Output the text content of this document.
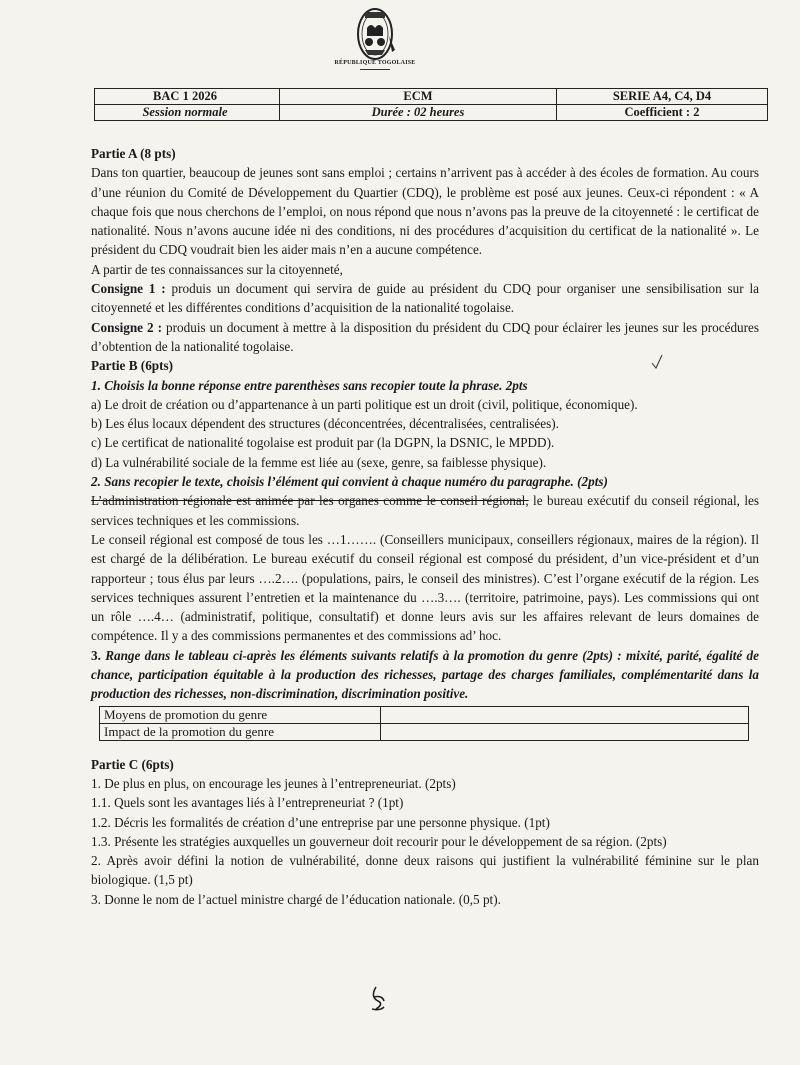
RÉPUBLIQUE TOGOLAISE
BAC 1 2026	ECM	SERIE A4, C4, D4
Session normale	Durée : 02 heures	Coefficient : 2

Partie A (8 pts)

Dans ton quartier, beaucoup de jeunes sont sans emploi ; certains n’arrivent pas à accéder à des écoles de formation. Au cours d’une réunion du Comité de Développement du Quartier (CDQ), le problème est posé aux jeunes. Ceux-ci répondent : « A chaque fois que nous cherchons de l’emploi, on nous répond que nous n’avons pas la preuve de la citoyenneté : le certificat de nationalité. Nous n’avons aucune idée ni des conditions, ni des procédures d’acquisition du certificat de la nationalité ». Le président du CDQ voudrait bien les aider mais n’en a aucune compétence.

A partir de tes connaissances sur la citoyenneté,

Consigne 1 : produis un document qui servira de guide au président du CDQ pour organiser une sensibilisation sur la citoyenneté et les différentes conditions d’acquisition de la nationalité togolaise.

Consigne 2 : produis un document à mettre à la disposition du président du CDQ pour éclairer les jeunes sur les procédures d’obtention de la nationalité togolaise.

Partie B (6pts)

1. Choisis la bonne réponse entre parenthèses sans recopier toute la phrase. 2pts

a) Le droit de création ou d’appartenance à un parti politique est un droit (civil, politique, économique).

b) Les élus locaux dépendent des structures (déconcentrées, décentralisées, centralisées).

c) Le certificat de nationalité togolaise est produit par (la DGPN, la DSNIC, le MPDD).

d) La vulnérabilité sociale de la femme est liée au (sexe, genre, sa faiblesse physique).

2. Sans recopier le texte, choisis l’élément qui convient à chaque numéro du paragraphe. (2pts)

L’administration régionale est animée par les organes comme le conseil régional, le bureau exécutif du conseil régional, les services techniques et les commissions.

Le conseil régional est composé de tous les …1……. (Conseillers municipaux, conseillers régionaux, maires de la région). Il est chargé de la délibération. Le bureau exécutif du conseil régional est composé du président, d’un vice-président et d’un rapporteur ; tous élus par leurs ….2…. (populations, pairs, le conseil des ministres). C’est l’organe exécutif de la région. Les services techniques assurent l’entretien et la maintenance du ….3…. (territoire, patrimoine, pays). Les commissions qui ont un rôle ….4… (administratif, politique, consultatif) et donne leurs avis sur les affaires relevant de leurs domaines de compétence. Il y a des commissions permanentes et des commissions ad’ hoc.

3. Range dans le tableau ci-après les éléments suivants relatifs à la promotion du genre (2pts) : mixité, parité, égalité de chance, participation équitable à la production des richesses, partage des charges familiales, complémentarité dans la production des richesses, non-discrimination, discrimination positive.

Moyens de promotion du genre	
Impact de la promotion du genre	

Partie C (6pts)

1. De plus en plus, on encourage les jeunes à l’entrepreneuriat. (2pts)

1.1. Quels sont les avantages liés à l’entrepreneuriat ? (1pt)

1.2. Décris les formalités de création d’une entreprise par une personne physique. (1pt)

1.3. Présente les stratégies auxquelles un gouverneur doit recourir pour le développement de sa région. (2pts)

2. Après avoir défini la notion de vulnérabilité, donne deux raisons qui justifient la vulnérabilité féminine sur le plan biologique. (1,5 pt)

3. Donne le nom de l’actuel ministre chargé de l’éducation nationale. (0,5 pt).
